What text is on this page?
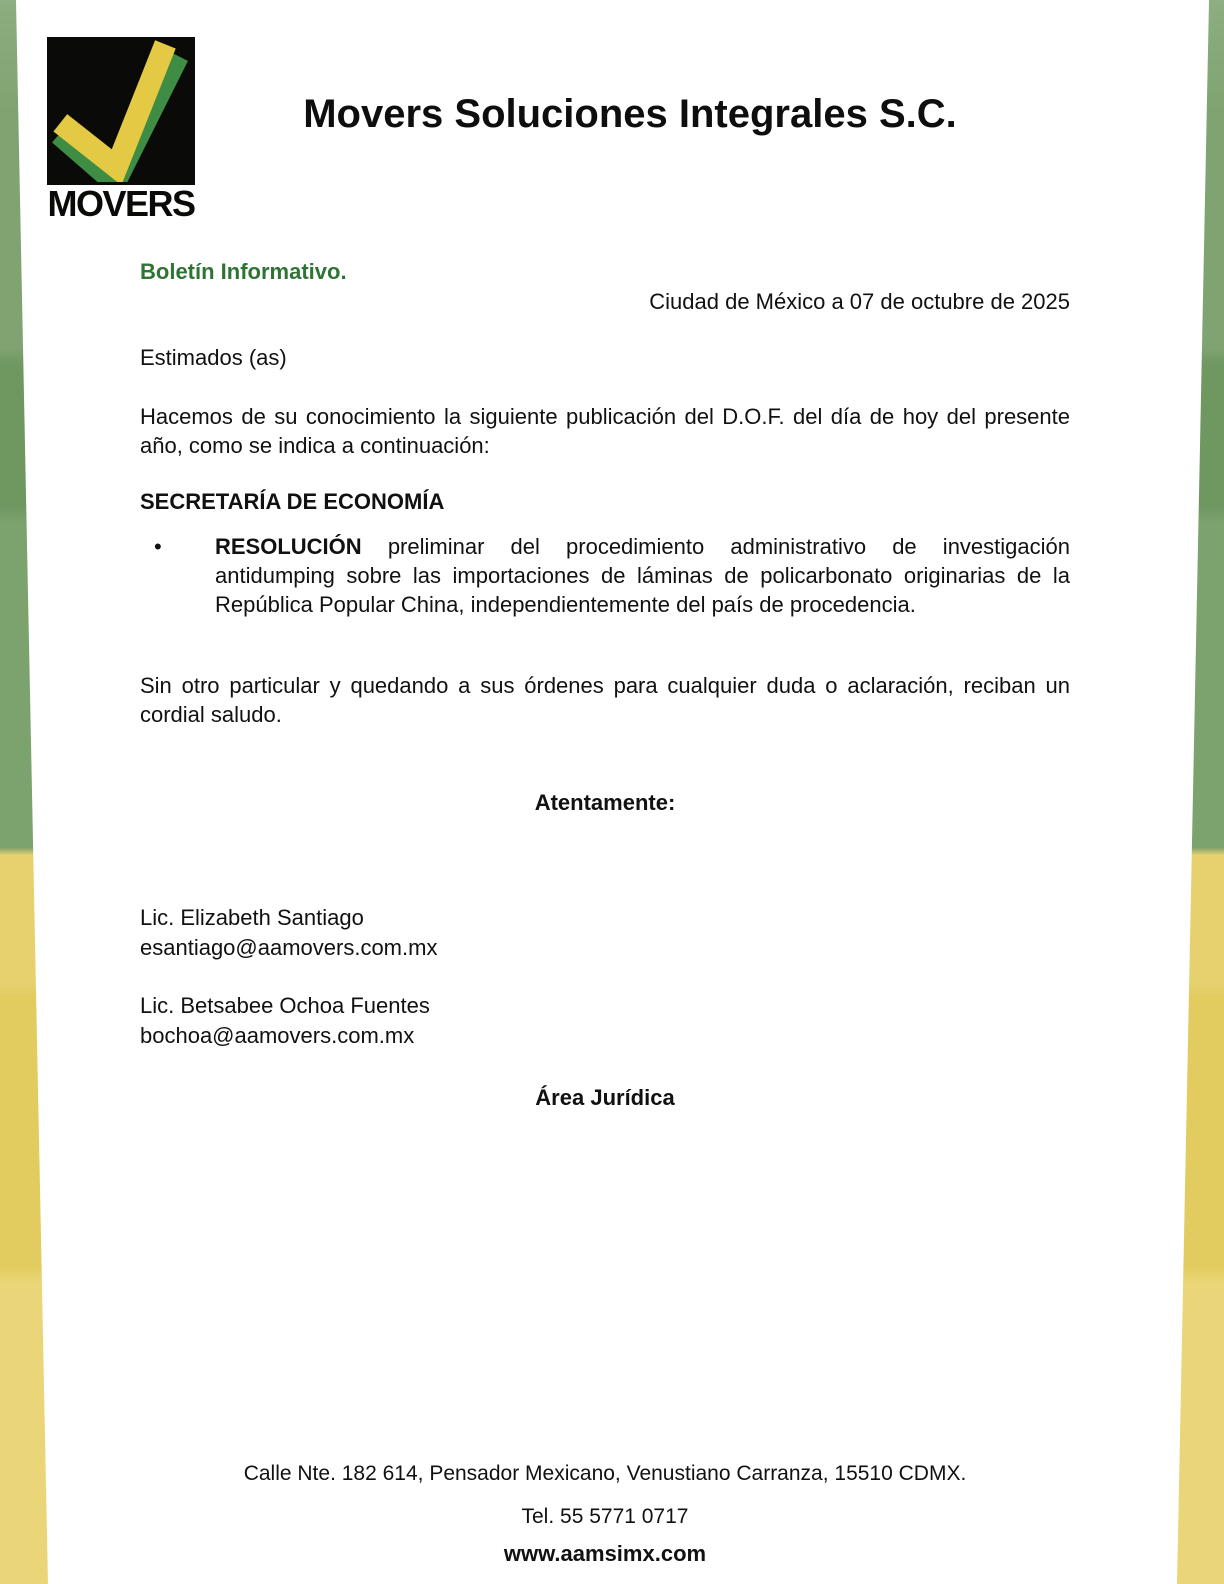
MOVERS
Movers Soluciones Integrales S.C.
Boletín Informativo.
Ciudad de México a 07 de octubre de 2025
Estimados (as)

Hacemos de su conocimiento la siguiente publicación del D.O.F. del día de hoy del presente año, como se indica a continuación:

SECRETARÍA DE ECONOMÍA

• RESOLUCIÓN preliminar del procedimiento administrativo de investigación antidumping sobre las importaciones de láminas de policarbonato originarias de la República Popular China, independientemente del país de procedencia.

Sin otro particular y quedando a sus órdenes para cualquier duda o aclaración, reciban un cordial saludo.

Atentamente:
Lic. Elizabeth Santiago
esantiago@aamovers.com.mx
Lic. Betsabee Ochoa Fuentes
bochoa@aamovers.com.mx
Área Jurídica
Calle Nte. 182 614, Pensador Mexicano, Venustiano Carranza, 15510 CDMX.
Tel. 55 5771 0717
www.aamsimx.com
